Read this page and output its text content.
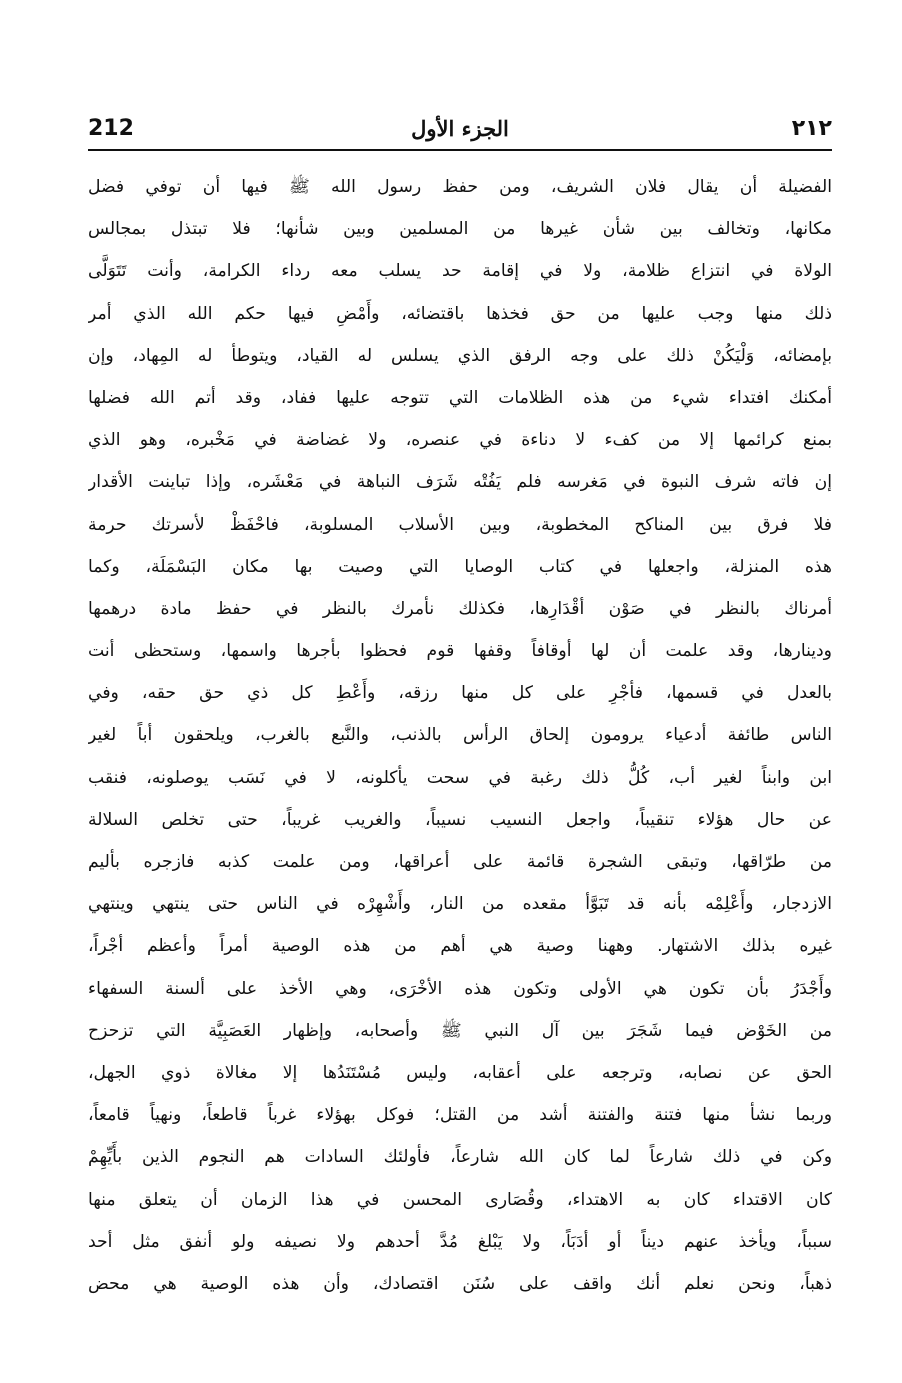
212	الجزء الأول	٢١٢
الفضيلة أن يقال فلان الشريف، ومن حفظ رسول الله ﷺ فيها أن توفي فضل
مكانها، وتخالف بين شأن غيرها من المسلمين وبين شأنها؛ فلا تبتذل بمجالس
الولاة في انتزاع ظلامة، ولا في إقامة حد يسلب معه رداء الكرامة، وأنت تَتَوَلَّى
ذلك منها وجب عليها من حق فخذها باقتضائه، وأَمْضِ فيها حكم الله الذي أمر
بإمضائه، وَلْيَكُنْ ذلك على وجه الرفق الذي يسلس له القياد، ويتوطأ له المِهاد، وإن
أمكنك افتداء شيء من هذه الظلامات التي تتوجه عليها ففاد، وقد أتم الله فضلها
بمنع كرائمها إلا من كفء لا دناءة في عنصره، ولا غضاضة في مَخْبره، وهو الذي
إن فاته شرف النبوة في مَغرسه فلم يَفُتْه شَرَف النباهة في مَعْشَره، وإذا تباينت الأقدار
فلا فرق بين المناكح المخطوبة، وبين الأسلاب المسلوبة، فاحْفَظْ لأسرتك حرمة
هذه المنزلة، واجعلها في كتاب الوصايا التي وصيت بها مكان البَسْمَلَة، وكما
أمرناك بالنظر في صَوْن أقْدَارِها، فكذلك نأمرك بالنظر في حفظ مادة درهمها
ودينارها، وقد علمت أن لها أوقافاً وقفها قوم فحظوا بأجرها واسمها، وستحظى أنت
بالعدل في قسمها، فأجْرِ على كل منها رزقه، وأَعْطِ كل ذي حق حقه، وفي
الناس طائفة أدعياء يرومون إلحاق الرأس بالذنب، والنَّبع بالغرب، ويلحقون أباً لغير
ابن وابناً لغير أب، كُلُّ ذلك رغبة في سحت يأكلونه، لا في نَسَب يوصلونه، فنقب
عن حال هؤلاء تنقيباً، واجعل النسيب نسيباً، والغريب غريباً، حتى تخلص السلالة
من طرّاقها، وتبقى الشجرة قائمة على أعراقها، ومن علمت كذبه فازجره بأليم
الازدجار، وأَعْلِمْه بأنه قد تَبَوَّأ مقعده من النار، وأَشْهِرْه في الناس حتى ينتهي وينتهي
غيره بذلك الاشتهار. وههنا وصية هي أهم من هذه الوصية أمراً وأعظم أجْراً،
وأَجْدَرُ بأن تكون هي الأولى وتكون هذه الأخْرَى، وهي الأخذ على ألسنة السفهاء
من الخَوْض فيما شَجَرَ بين آل النبي ﷺ وأصحابه، وإظهار العَصَبِيَّة التي تزحزح
الحق عن نصابه، وترجعه على أعقابه، وليس مُسْتَنَدُها إلا مغالاة ذوي الجهل،
وربما نشأ منها فتنة والفتنة أشد من القتل؛ فوكل بهؤلاء غرباً قاطعاً، ونهياً قامعاً،
وكن في ذلك شارعاً لما كان الله شارعاً، فأولئك السادات هم النجوم الذين بأَيِّهِمْ
كان الاقتداء كان به الاهتداء، وقُصَارى المحسن في هذا الزمان أن يتعلق منها
سبباً، ويأخذ عنهم ديناً أو أدَبَاً، ولا يَبْلغ مُدَّ أحدهم ولا نصيفه ولو أنفق مثل أحد
ذهباً، ونحن نعلم أنك واقف على سُنَن اقتصادك، وأن هذه الوصية هي محض
